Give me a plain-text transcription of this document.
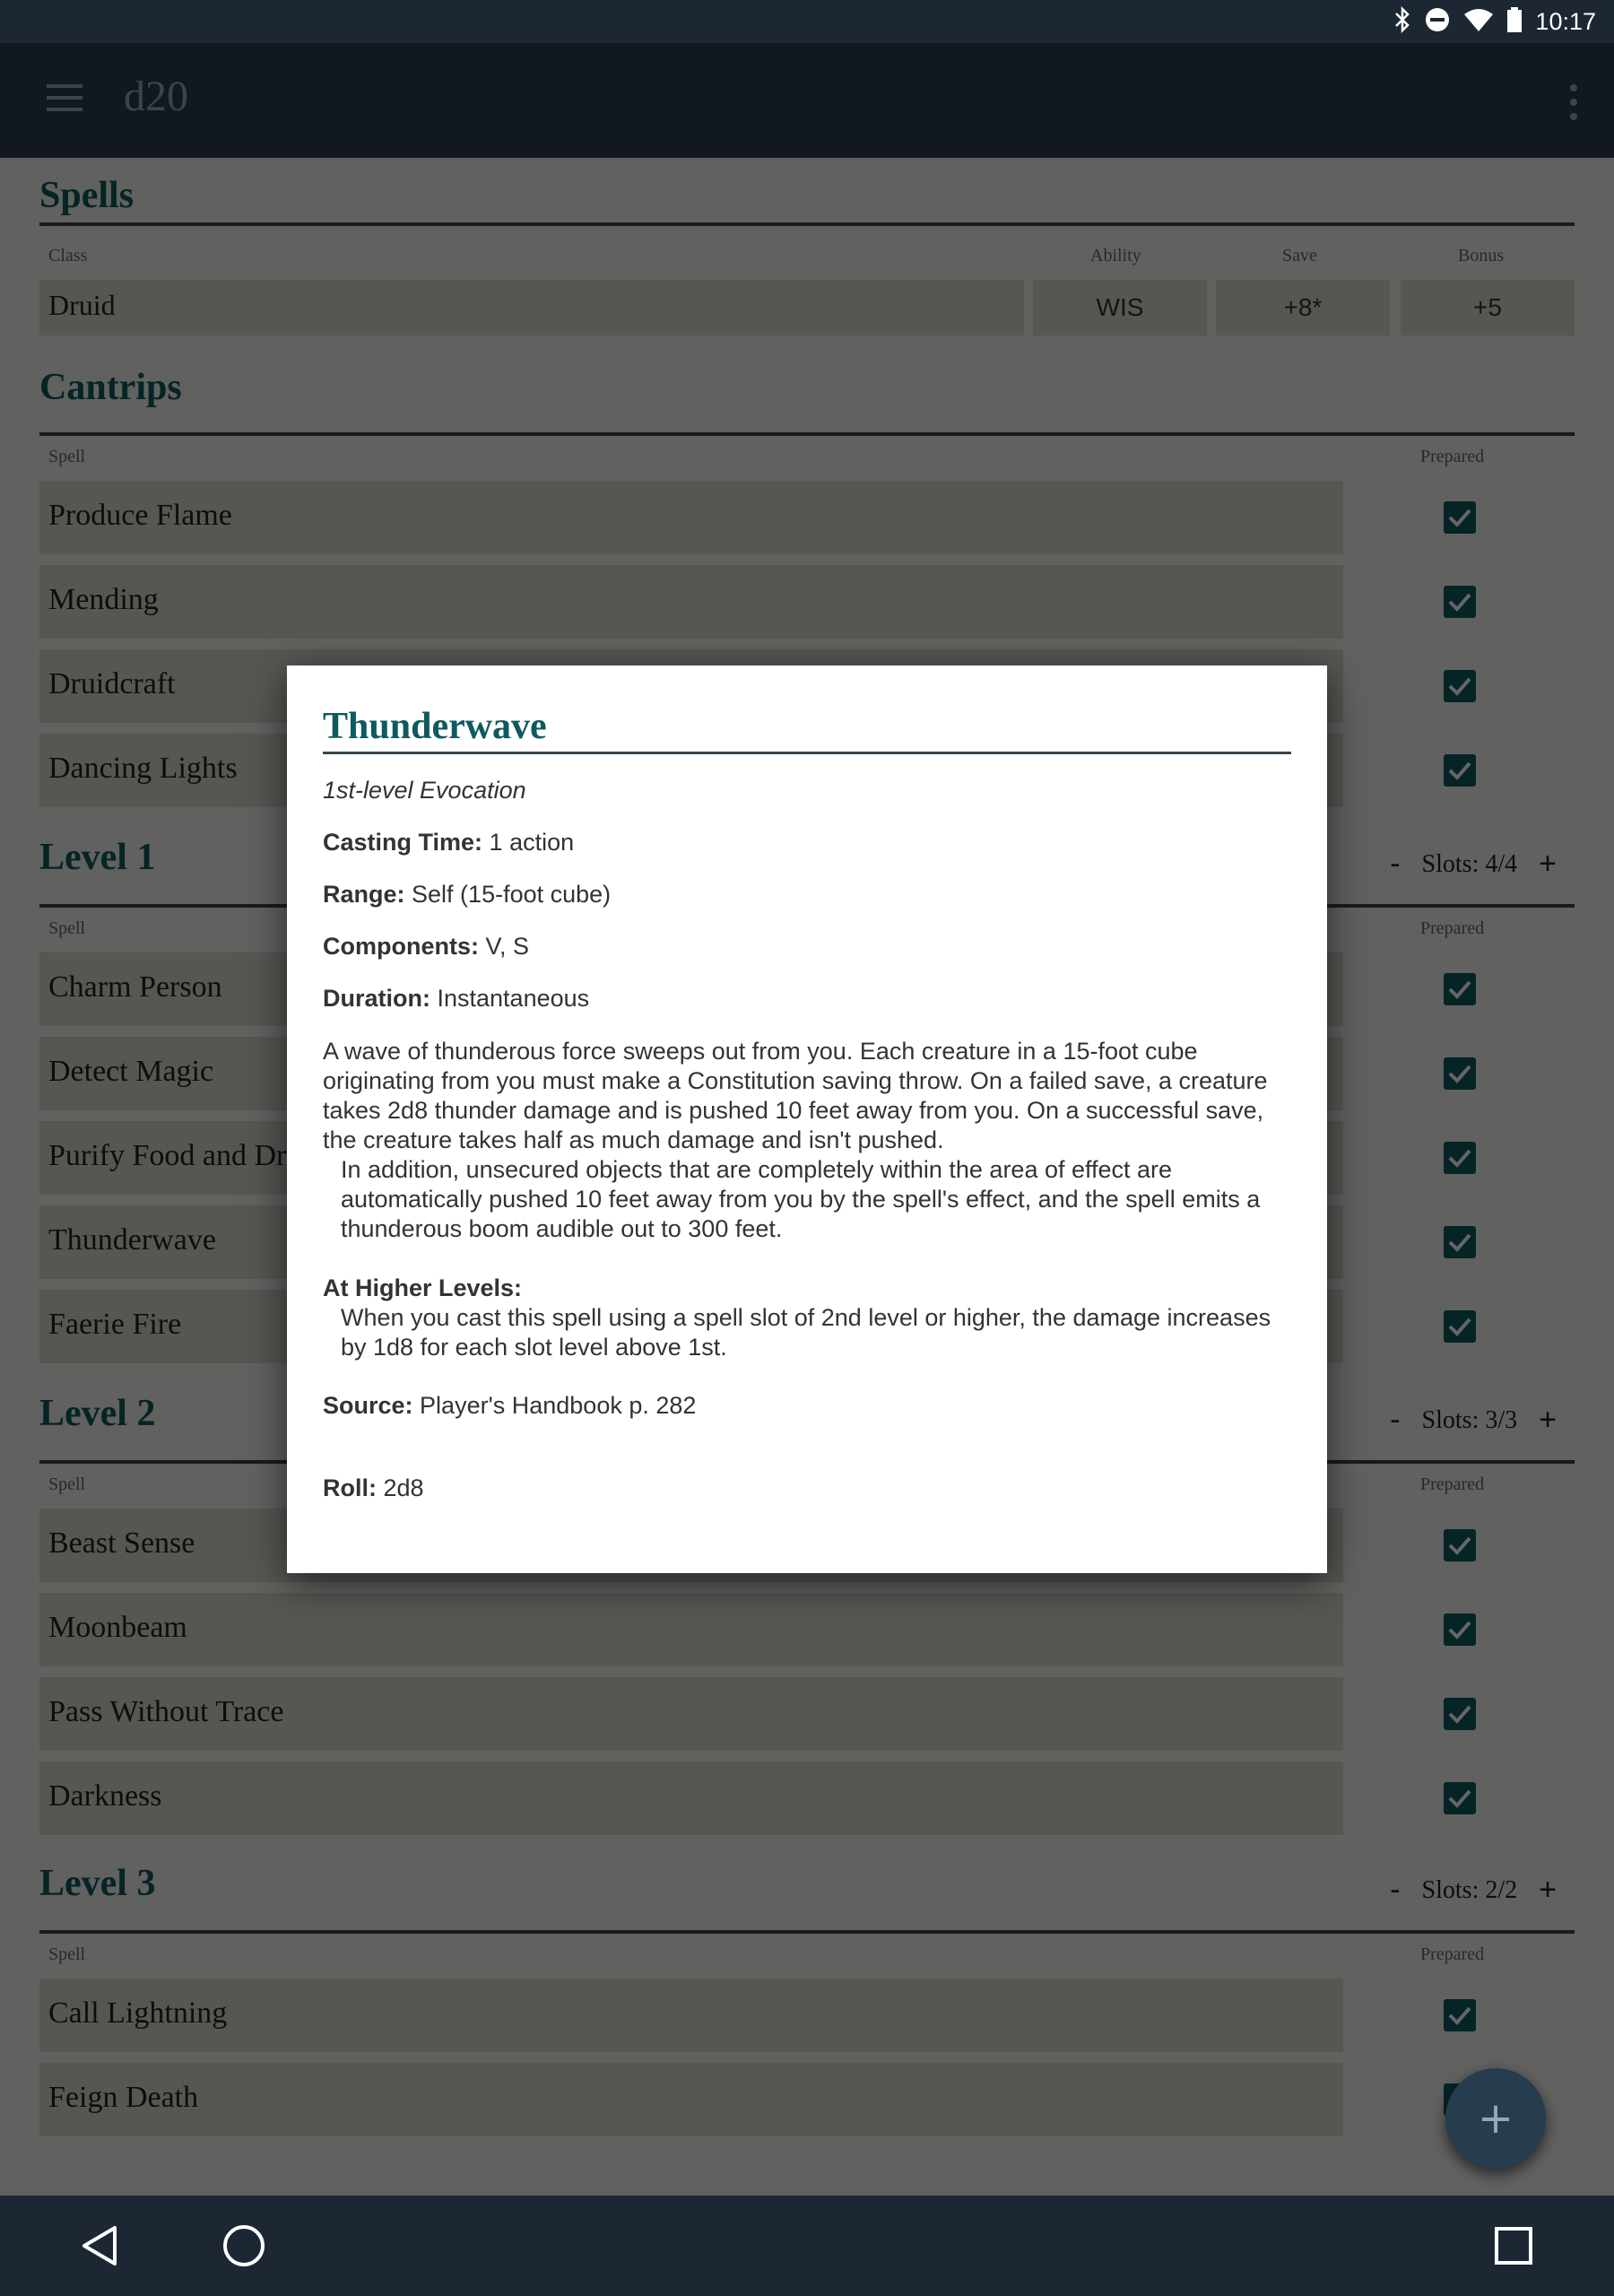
10:17
Thunderwave
1st-level Evocation
Casting Time: 1 action
Range: Self (15-foot cube)
Components: V, S
Duration: Instantaneous
A wave of thunderous force sweeps out from you. Each creature in a 15-foot cube originating from you must make a Constitution saving throw. On a failed save, a creature takes 2d8 thunder damage and is pushed 10 feet away from you. On a successful save, the creature takes half as much damage and isn't pushed.
In addition, unsecured objects that are completely within the area of effect are automatically pushed 10 feet away from you by the spell's effect, and the spell emits a thunderous boom audible out to 300 feet.
At Higher Levels:
When you cast this spell using a spell slot of 2nd level or higher, the damage increases by 1d8 for each slot level above 1st.
Source: Player's Handbook p. 282
Roll: 2d8
+
